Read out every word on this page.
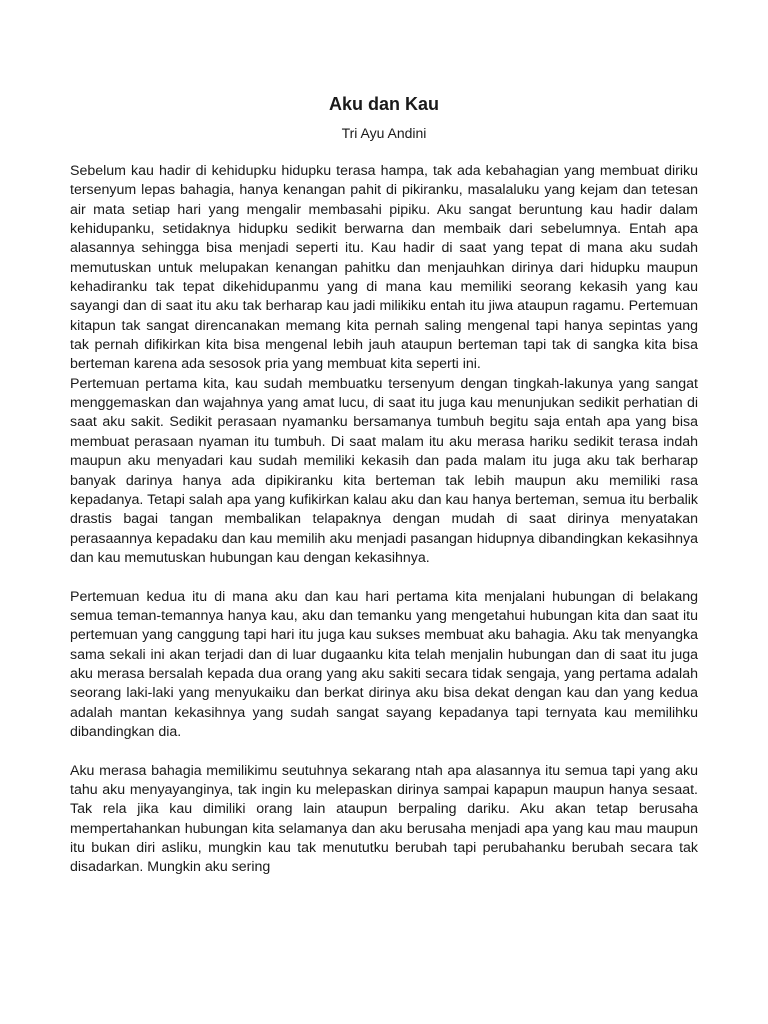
Aku dan Kau

Tri Ayu Andini

Sebelum kau hadir di kehidupku hidupku terasa hampa, tak ada kebahagian yang membuat diriku tersenyum lepas bahagia, hanya kenangan pahit di pikiranku, masalaluku yang kejam dan tetesan air mata setiap hari yang mengalir membasahi pipiku. Aku sangat beruntung kau hadir dalam kehidupanku, setidaknya hidupku sedikit berwarna dan membaik dari sebelumnya. Entah apa alasannya sehingga bisa menjadi seperti itu. Kau hadir di saat yang tepat di mana aku sudah memutuskan untuk melupakan kenangan pahitku dan menjauhkan dirinya dari hidupku maupun kehadiranku tak tepat dikehidupanmu yang di mana kau memiliki seorang kekasih yang kau sayangi dan di saat itu aku tak berharap kau jadi milikiku entah itu jiwa ataupun ragamu. Pertemuan kitapun tak sangat direncanakan memang kita pernah saling mengenal tapi hanya sepintas yang tak pernah difikirkan kita bisa mengenal lebih jauh ataupun berteman tapi tak di sangka kita bisa berteman karena ada sesosok pria yang membuat kita seperti ini.

Pertemuan pertama kita, kau sudah membuatku tersenyum dengan tingkah-lakunya yang sangat menggemaskan dan wajahnya yang amat lucu, di saat itu juga kau menunjukan sedikit perhatian di saat aku sakit. Sedikit perasaan nyamanku bersamanya tumbuh begitu saja entah apa yang bisa membuat perasaan nyaman itu tumbuh. Di saat malam itu aku merasa hariku sedikit terasa indah maupun aku menyadari kau sudah memiliki kekasih dan pada malam itu juga aku tak berharap banyak darinya hanya ada dipikiranku kita berteman tak lebih maupun aku memiliki rasa kepadanya. Tetapi salah apa yang kufikirkan kalau aku dan kau hanya berteman, semua itu berbalik drastis bagai tangan membalikan telapaknya dengan mudah di saat dirinya menyatakan perasaannya kepadaku dan kau memilih aku menjadi pasangan hidupnya dibandingkan kekasihnya dan kau memutuskan hubungan kau dengan kekasihnya.

Pertemuan kedua itu di mana aku dan kau hari pertama kita menjalani hubungan di belakang semua teman-temannya hanya kau, aku dan temanku yang mengetahui hubungan kita dan saat itu pertemuan yang canggung tapi hari itu juga kau sukses membuat aku bahagia. Aku tak menyangka sama sekali ini akan terjadi dan di luar dugaanku kita telah menjalin hubungan dan di saat itu juga aku merasa bersalah kepada dua orang yang aku sakiti secara tidak sengaja, yang pertama adalah seorang laki-laki yang menyukaiku dan berkat dirinya aku bisa dekat dengan kau dan yang kedua adalah mantan kekasihnya yang sudah sangat sayang kepadanya tapi ternyata kau memilihku dibandingkan dia.

Aku merasa bahagia memilikimu seutuhnya sekarang ntah apa alasannya itu semua tapi yang aku tahu aku menyayanginya, tak ingin ku melepaskan dirinya sampai kapapun maupun hanya sesaat. Tak rela jika kau dimiliki orang lain ataupun berpaling dariku. Aku akan tetap berusaha mempertahankan hubungan kita selamanya dan aku berusaha menjadi apa yang kau mau maupun itu bukan diri asliku, mungkin kau tak menututku berubah tapi perubahanku berubah secara tak disadarkan. Mungkin aku sering
